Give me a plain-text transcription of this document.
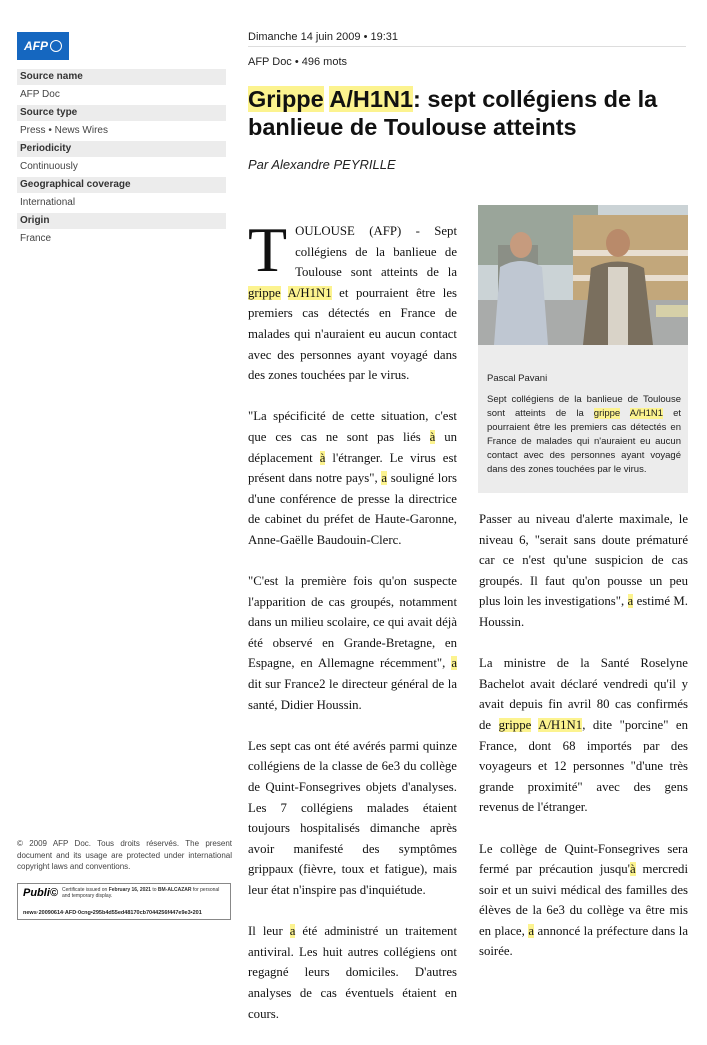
AFP
Source name
AFP Doc
Source type
Press • News Wires
Periodicity
Continuously
Geographical coverage
International
Origin
France
© 2009 AFP Doc. Tous droits réservés. The present document and its usage are protected under international copyright laws and conventions.
Publi© Certificate issued on February 16, 2021 to BM-ALCAZAR for personal and temporary display.
news·20090614·AFD·0cng•295b4d55ed48170cb7044256f447e9e3•201
Dimanche 14 juin 2009 • 19:31
AFP Doc • 496 mots
Grippe A/H1N1: sept collégiens de la banlieue de Toulouse atteints
Par Alexandre PEYRILLE
Pascal Pavani
Sept collégiens de la banlieue de Toulouse sont atteints de la grippe A/H1N1 et pourraient être les premiers cas détectés en France de malades qui n'auraient eu aucun contact avec des personnes ayant voyagé dans des zones touchées par le virus.

TOULOUSE (AFP) - Sept collégiens de la banlieue de Toulouse sont atteints de la grippe A/H1N1 et pourraient être les premiers cas détectés en France de malades qui n'auraient eu aucun contact avec des personnes ayant voyagé dans des zones touchées par le virus.

"La spécificité de cette situation, c'est que ces cas ne sont pas liés à un déplacement à l'étranger. Le virus est présent dans notre pays", a souligné lors d'une conférence de presse la directrice de cabinet du préfet de Haute-Garonne, Anne-Gaëlle Baudouin-Clerc.

"C'est la première fois qu'on suspecte l'apparition de cas groupés, notamment dans un milieu scolaire, ce qui avait déjà été observé en Grande-Bretagne, en Espagne, en Allemagne récemment", a dit sur France2 le directeur général de la santé, Didier Houssin.

Les sept cas ont été avérés parmi quinze collégiens de la classe de 6e3 du collège de Quint-Fonsegrives objets d'analyses. Les 7 collégiens malades étaient toujours hospitalisés dimanche après avoir manifesté des symptômes grippaux (fièvre, toux et fatigue), mais leur état n'inspire pas d'inquiétude.

Il leur a été administré un traitement antiviral. Les huit autres collégiens ont regagné leurs domiciles. D'autres analyses de cas éventuels étaient en cours.

Passer au niveau d'alerte maximale, le niveau 6, "serait sans doute prématuré car ce n'est qu'une suspicion de cas groupés. Il faut qu'on pousse un peu plus loin les investigations", a estimé M. Houssin.

La ministre de la Santé Roselyne Bachelot avait déclaré vendredi qu'il y avait depuis fin avril 80 cas confirmés de grippe A/H1N1, dite "porcine" en France, dont 68 importés par des voyageurs et 12 personnes "d'une très grande proximité" avec des gens revenus de l'étranger.

Le collège de Quint-Fonsegrives sera fermé par précaution jusqu'à mercredi soir et un suivi médical des familles des élèves de la 6e3 du collège va être mis en place, a annoncé la préfecture dans la soirée.
